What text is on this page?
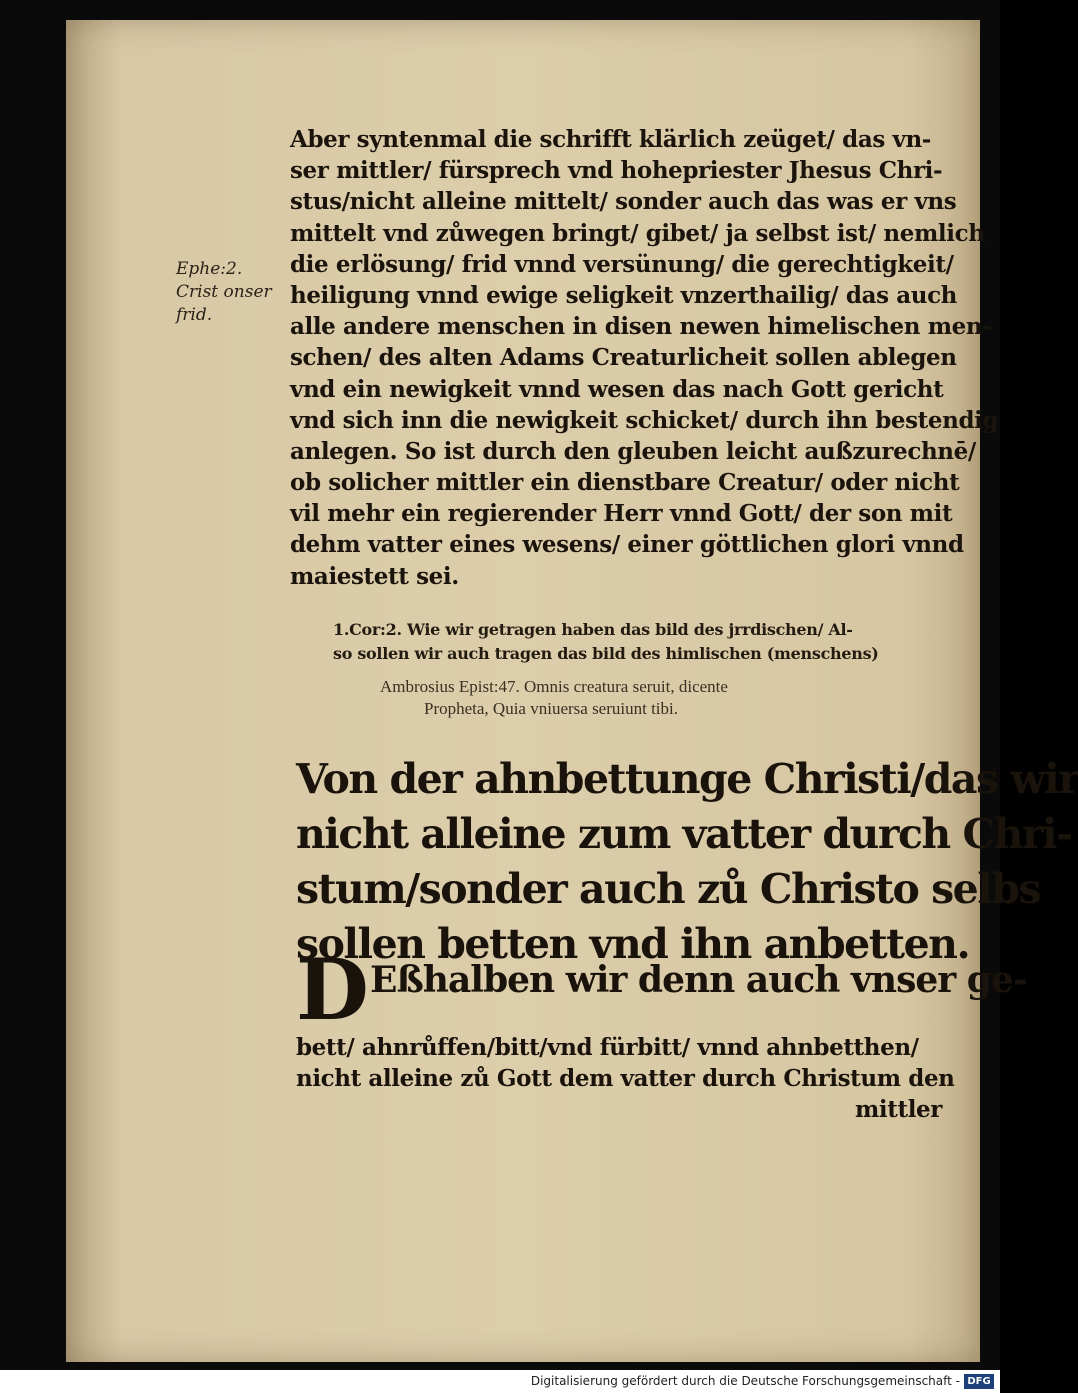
Ephe:2.
Crist onser
frid.
Aber syntenmal die schrifft klärlich zeüget/ das vn-
ser mittler/ fürsprech vnd hohepriester Jhesus Chri-
stus/nicht alleine mittelt/ sonder auch das was er vns
mittelt vnd zůwegen bringt/ gibet/ ja selbst ist/ nemlich
die erlösung/ frid vnnd versünung/ die gerechtigkeit/
heiligung vnnd ewige seligkeit vnzerthailig/ das auch
alle andere menschen in disen newen himelischen men-
schen/ des alten Adams Creaturlicheit sollen ablegen
vnd ein newigkeit vnnd wesen das nach Gott gericht
vnd sich inn die newigkeit schicket/ durch ihn bestendig
anlegen. So ist durch den gleuben leicht außzurechnē/
ob solicher mittler ein dienstbare Creatur/ oder nicht
vil mehr ein regierender Herr vnnd Gott/ der son mit
dehm vatter eines wesens/ einer göttlichen glori vnnd
maiestett sei.
1.Cor:2. Wie wir getragen haben das bild des jrrdischen/ Al-
so sollen wir auch tragen das bild des himlischen (menschens)
Ambrosius Epist:47. Omnis creatura seruit, dicente
Propheta, Quia vniuersa seruiunt tibi.
Von der ahnbettunge Christi/das wir
nicht alleine zum vatter durch Chri-
stum/sonder auch zů Christo selbs
sollen betten vnd ihn anbetten.
D Eßhalben wir denn auch vnser ge-
bett/ ahnrůffen/bitt/vnd fürbitt/ vnnd ahnbetthen/
nicht alleine zů Gott dem vatter durch Christum den
mittler
Digitalisierung gefördert durch die Deutsche Forschungsgemeinschaft - DFG
